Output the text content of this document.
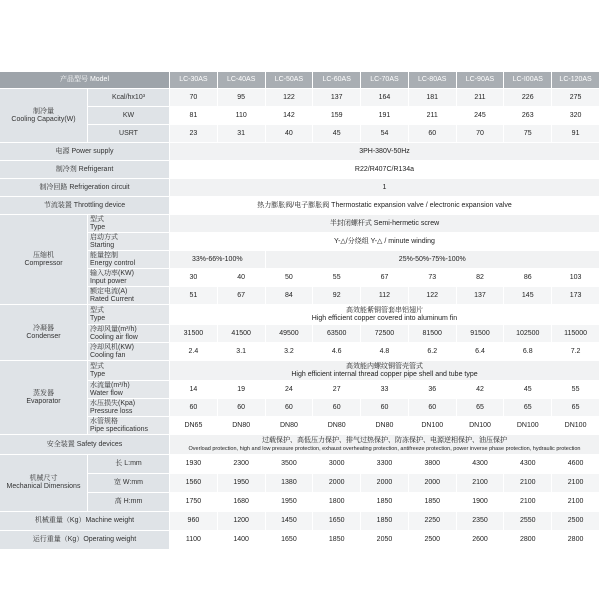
产品型号 Model		LC-30AS	LC-40AS	LC-50AS	LC-60AS	LC-70AS	LC-80AS	LC-90AS	LC-I00AS	LC-120AS

制冷量
Cooling Capacity(W)	Kcal/hx10³	70	95	122	137	164	181	211	226	275
	KW	81	110	142	159	191	211	245	263	320
	USRT	23	31	40	45	54	60	70	75	91
电源 Power supply		3PH-380V-50Hz								
制冷剂 Refrigerant		R22/R407C/R134a								
制冷回路 Refrigeration circuit		1								
节流装置 Throttling device		热力膨胀阀/电子膨胀阀 Thermostatic expansion valve / electronic expansion valve								

压缩机
Compressor	型式
Type	半封闭螺杆式 Semi-hermetic screw								

	启动方式
Starting	Y-△/分绕组 Y-△ / minute winding								

	能量控制
Energy control	33%-66%-100%		25%-50%-75%-100%						

	输入功率(KW)
Input power	30	40	50	55	67	73	82	86	103

	额定电流(A)
Rated Current	51	67	84	92	112	122	137	145	173

冷凝器
Condenser	型式
Type	高效能紫铜管套串铝翅片
High efficient copper covered into aluminum fin								

	冷却风量(m³/h)
Cooling air flow	31500	41500	49500	63500	72500	81500	91500	102500	115000

	冷却风机(KW)
Cooling fan	2.4	3.1	3.2	4.6	4.8	6.2	6.4	6.8	7.2

蒸发器
Evaporator	型式
Type	高效能内螺纹铜管壳管式
High efficient internal thread copper pipe shell and tube type								

	水流量(m³/h)
Water flow	14	19	24	27	33	36	42	45	55

	水压损失(Kpa)
Pressure loss	60	60	60	60	60	60	65	65	65

	水管规格
Pipe specifications	DN65	DN80	DN80	DN80	DN80	DN100	DN100	DN100	DN100
安全装置 Safety devices		过载保护、高低压力保护、排气过热保护、防冻保护、电源逆相保护、油压保护
Overload protection, high and low pressure protection, exhaust overheating protection, antifreeze protection, power inverse phase protection, hydraulic protection								

机械尺寸
Mechanical Dimensions	长 L:mm	1930	2300	3500	3000	3300	3800	4300	4300	4600
	宽 W:mm	1560	1950	1380	2000	2000	2000	2100	2100	2100
	高 H:mm	1750	1680	1950	1800	1850	1850	1900	2100	2100
机械重量（Kg）Machine weight		960	1200	1450	1650	1850	2250	2350	2550	2500
运行重量（Kg）Operating weight		1100	1400	1650	1850	2050	2500	2600	2800	2800
